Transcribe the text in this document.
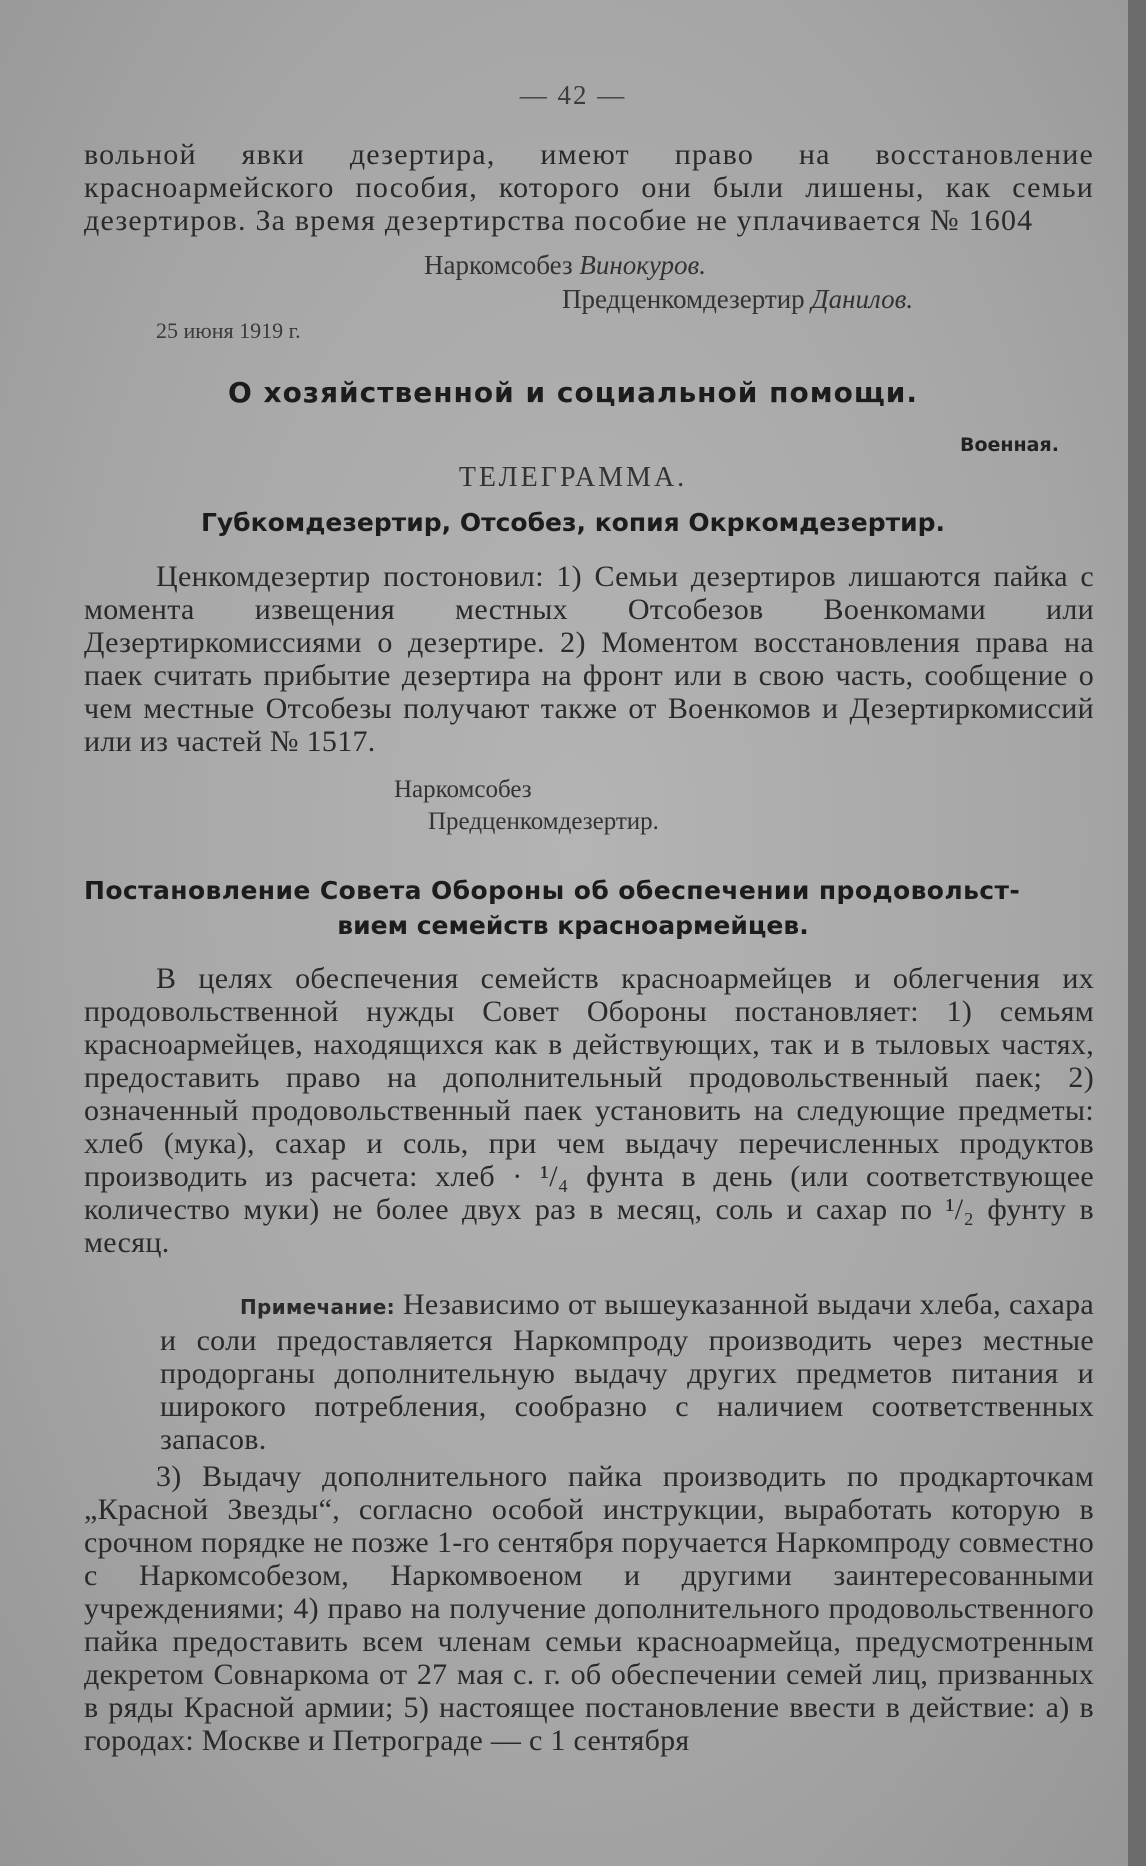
— 42 —

вольной явки дезертира, имеют право на восстановление красноармейского пособия, которого они были лишены, как семьи дезертиров. За время дезертирства пособие не уплачивается № 1604

Наркомсобез Винокуров.
Предценкомдезертир Данилов.
25 июня 1919 г.
О хозяйственной и социальной помощи.
Военная.
ТЕЛЕГРАММА.
Губкомдезертир, Отсобез, копия Окркомдезертир.

Ценкомдезертир постоновил: 1) Семьи дезертиров лишаются пайка с момента извещения местных Отсобезов Военкомами или Дезертиркомиссиями о дезертире. 2) Моментом восстановления права на паек считать прибытие дезертира на фронт или в свою часть, сообщение о чем местные Отсобезы получают также от Военкомов и Дезертиркомиссий или из частей № 1517.

Наркомсобез
Предценкомдезертир.
Постановление Совета Обороны об обеспечении продовольст-
вием семейств красноармейцев.

В целях обеспечения семейств красноармейцев и облегчения их продовольственной нужды Совет Обороны постановляет: 1) семьям красноармейцев, находящихся как в действующих, так и в тыловых частях, предоставить право на дополнительный продовольственный паек; 2) означенный продовольственный паек установить на следующие предметы: хлеб (мука), сахар и соль, при чем выдачу перечисленных продуктов производить из расчета: хлеб · ¹/₄ фунта в день (или соответствующее количество муки) не более двух раз в месяц, соль и сахар по ¹/₂ фунту в месяц.

Примечание: Независимо от вышеуказанной выдачи хлеба, сахара и соли предоставляется Наркомпроду производить через местные продорганы дополнительную выдачу других предметов питания и широкого потребления, сообразно с наличием соответственных запасов.

3) Выдачу дополнительного пайка производить по продкарточкам „Красной Звезды“, согласно особой инструкции, выработать которую в срочном порядке не позже 1-го сентября поручается Наркомпроду совместно с Наркомсобезом, Наркомвоеном и другими заинтересованными учреждениями; 4) право на получение дополнительного продовольственного пайка предоставить всем членам семьи красноармейца, предусмотренным декретом Совнаркома от 27 мая с. г. об обеспечении семей лиц, призванных в ряды Красной армии; 5) настоящее постановление ввести в действие: а) в городах: Москве и Петрограде — с 1 сентября
